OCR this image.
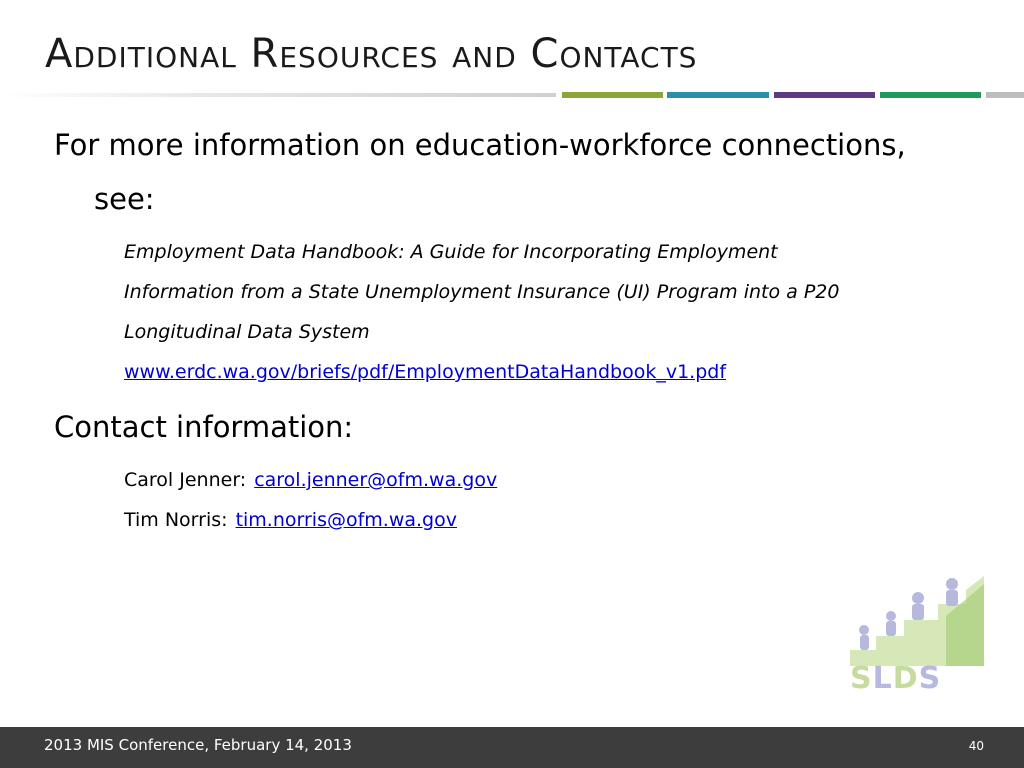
Additional Resources and Contacts

For more information on education-workforce connections, see:

Employment Data Handbook: A Guide for Incorporating Employment

Information from a State Unemployment Insurance (UI) Program into a P20

Longitudinal Data System

www.erdc.wa.gov/briefs/pdf/EmploymentDataHandbook_v1.pdf

Contact information:

Carol Jenner: carol.jenner@ofm.wa.gov

Tim Norris: tim.norris@ofm.wa.gov

SLDS
2013 MIS Conference, February 14, 2013	40
